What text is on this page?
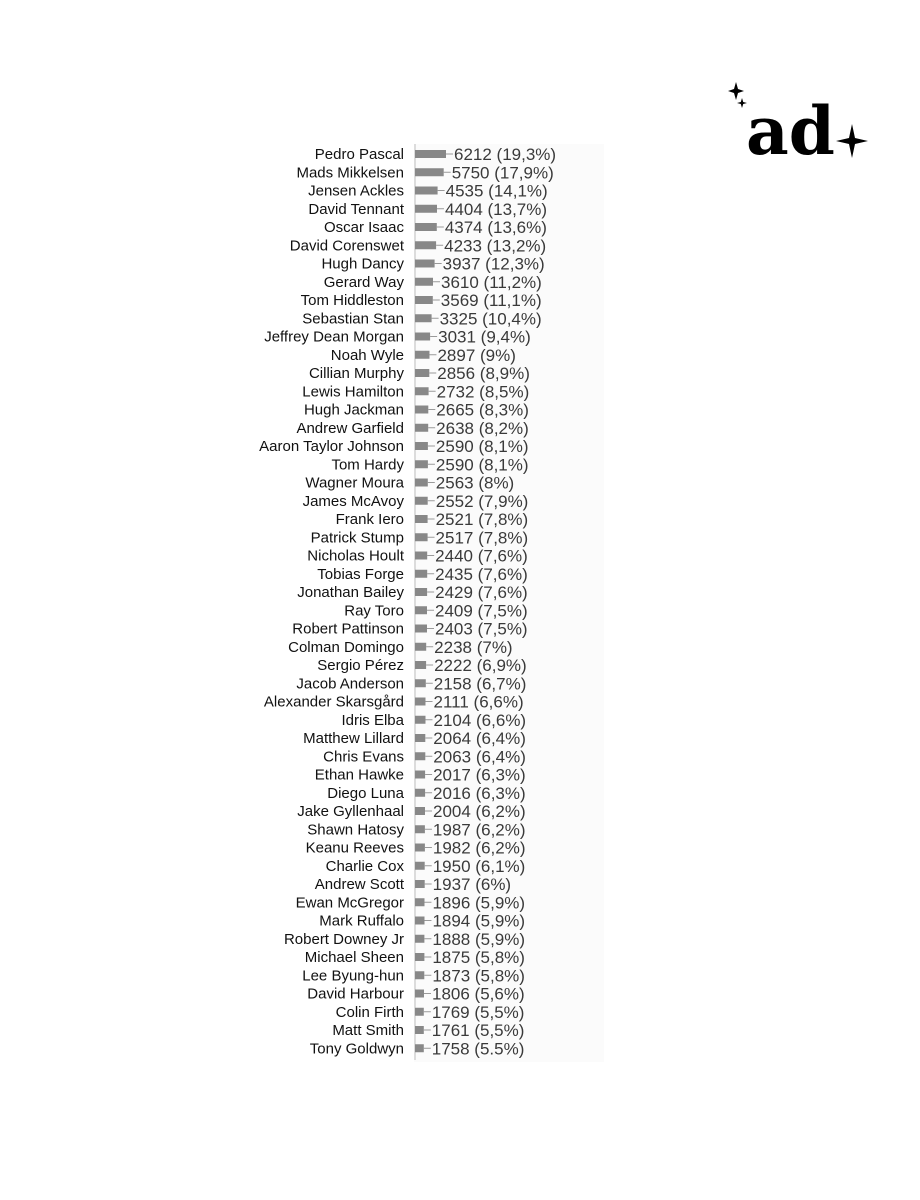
ad
Pedro Pascal	6212 (19,3%)
Mads Mikkelsen	5750 (17,9%)
Jensen Ackles 4535 (14,1%)
David Tennant 4404 (13,7%)
Oscar Isaac 4374 (13,6%)
David Corenswet 4233 (13,2%)
Hugh Dancy 3937 (12,3%)
Gerard Way 3610 (11,2%)
Tom Hiddleston 3569 (11,1%)
Sebastian Stan 3325 (10,4%)
Jeffrey Dean Morgan 3031 (9,4%)
Noah Wyle 2897 (9%)
Cillian Murphy 2856 (8,9%)
Lewis Hamilton 2732 (8,5%)
Hugh Jackman 2665 (8,3%)
Andrew Garfield 2638 (8,2%)
Aaron Taylor Johnson 2590 (8,1%)
Tom Hardy 2590 (8,1%)
Wagner Moura 2563 (8%)
James McAvoy 2552 (7,9%)
Frank Iero 2521 (7,8%)
Patrick Stump 2517 (7,8%)
Nicholas Hoult 2440 (7,6%)
Tobias Forge 2435 (7,6%)
Jonathan Bailey 2429 (7,6%)
Ray Toro 2409 (7,5%)
Robert Pattinson 2403 (7,5%)
Colman Domingo 2238 (7%)
Sergio Pérez 2222 (6,9%)
Jacob Anderson 2158 (6,7%)
Alexander Skarsgård 2111 (6,6%)
Idris Elba 2104 (6,6%)
Matthew Lillard 2064 (6,4%)
Chris Evans 2063 (6,4%)
Ethan Hawke 2017 (6,3%)
Diego Luna 2016 (6,3%)
Jake Gyllenhaal 2004 (6,2%)
Shawn Hatosy 1987 (6,2%)
Keanu Reeves 1982 (6,2%)
Charlie Cox 1950 (6,1%)
Andrew Scott 1937 (6%)
Ewan McGregor 1896 (5,9%)
Mark Ruffalo 1894 (5,9%)
Robert Downey Jr 1888 (5,9%)
Michael Sheen 1875 (5,8%)
Lee Byung-hun 1873 (5,8%)
David Harbour 1806 (5,6%)
Colin Firth 1769 (5,5%)
Matt Smith 1761 (5,5%)
Tony Goldwyn 1758 (5.5%)
